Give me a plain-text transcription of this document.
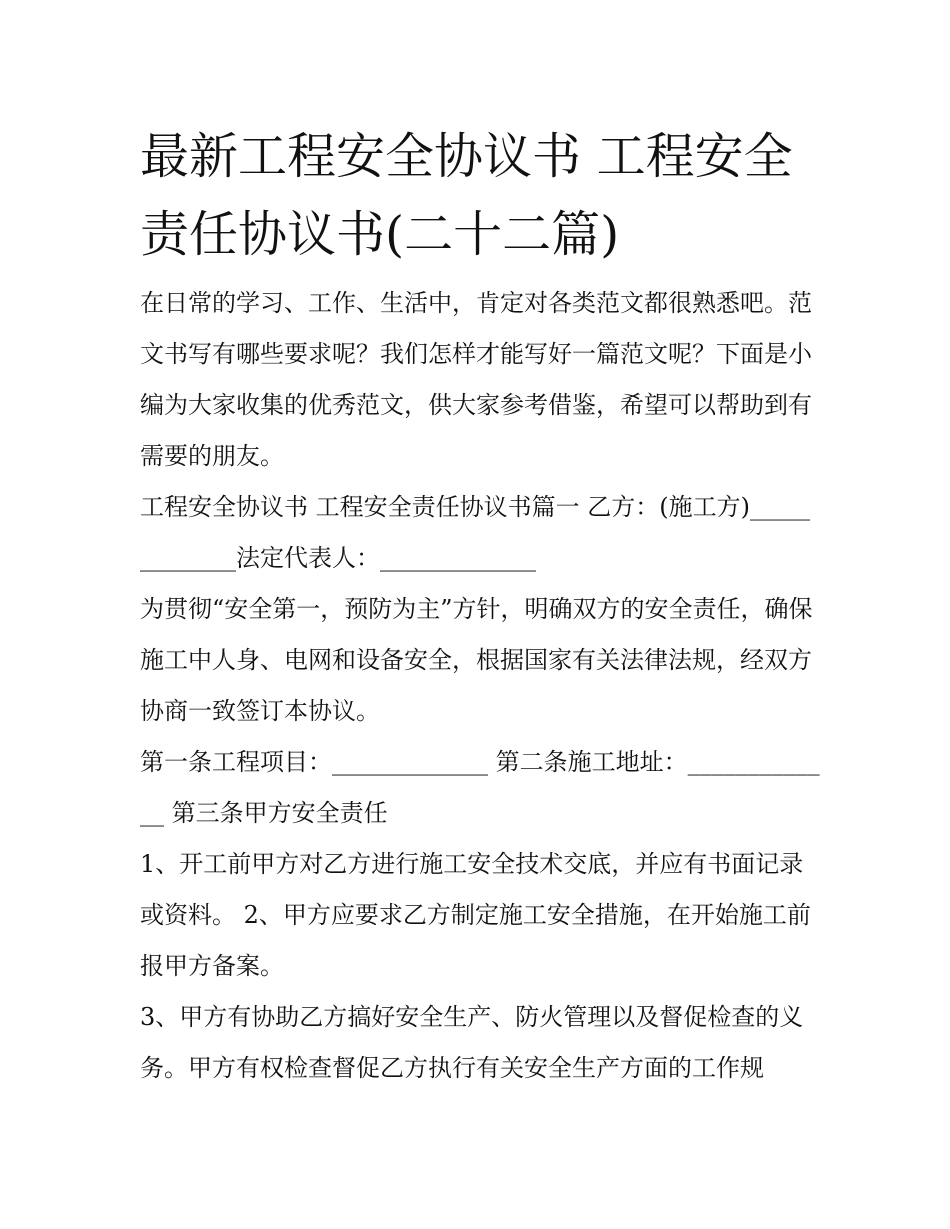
最新工程安全协议书 工程安全责任协议书(二十二篇)

在日常的学习、工作、生活中，肯定对各类范文都很熟悉吧。范文书写有哪些要求呢？我们怎样才能写好一篇范文呢？下面是小编为大家收集的优秀范文，供大家参考借鉴，希望可以帮助到有需要的朋友。

工程安全协议书 工程安全责任协议书篇一 乙方：(施工方)_____________法定代表人：_____________

为贯彻“安全第一，预防为主”方针，明确双方的安全责任，确保施工中人身、电网和设备安全，根据国家有关法律法规，经双方协商一致签订本协议。

第一条工程项目：_____________ 第二条施工地址：_____________ 第三条甲方安全责任

1、开工前甲方对乙方进行施工安全技术交底，并应有书面记录或资料。 2、甲方应要求乙方制定施工安全措施，在开始施工前报甲方备案。

3、甲方有协助乙方搞好安全生产、防火管理以及督促检查的义务。甲方有权检查督促乙方执行有关安全生产方面的工作规
